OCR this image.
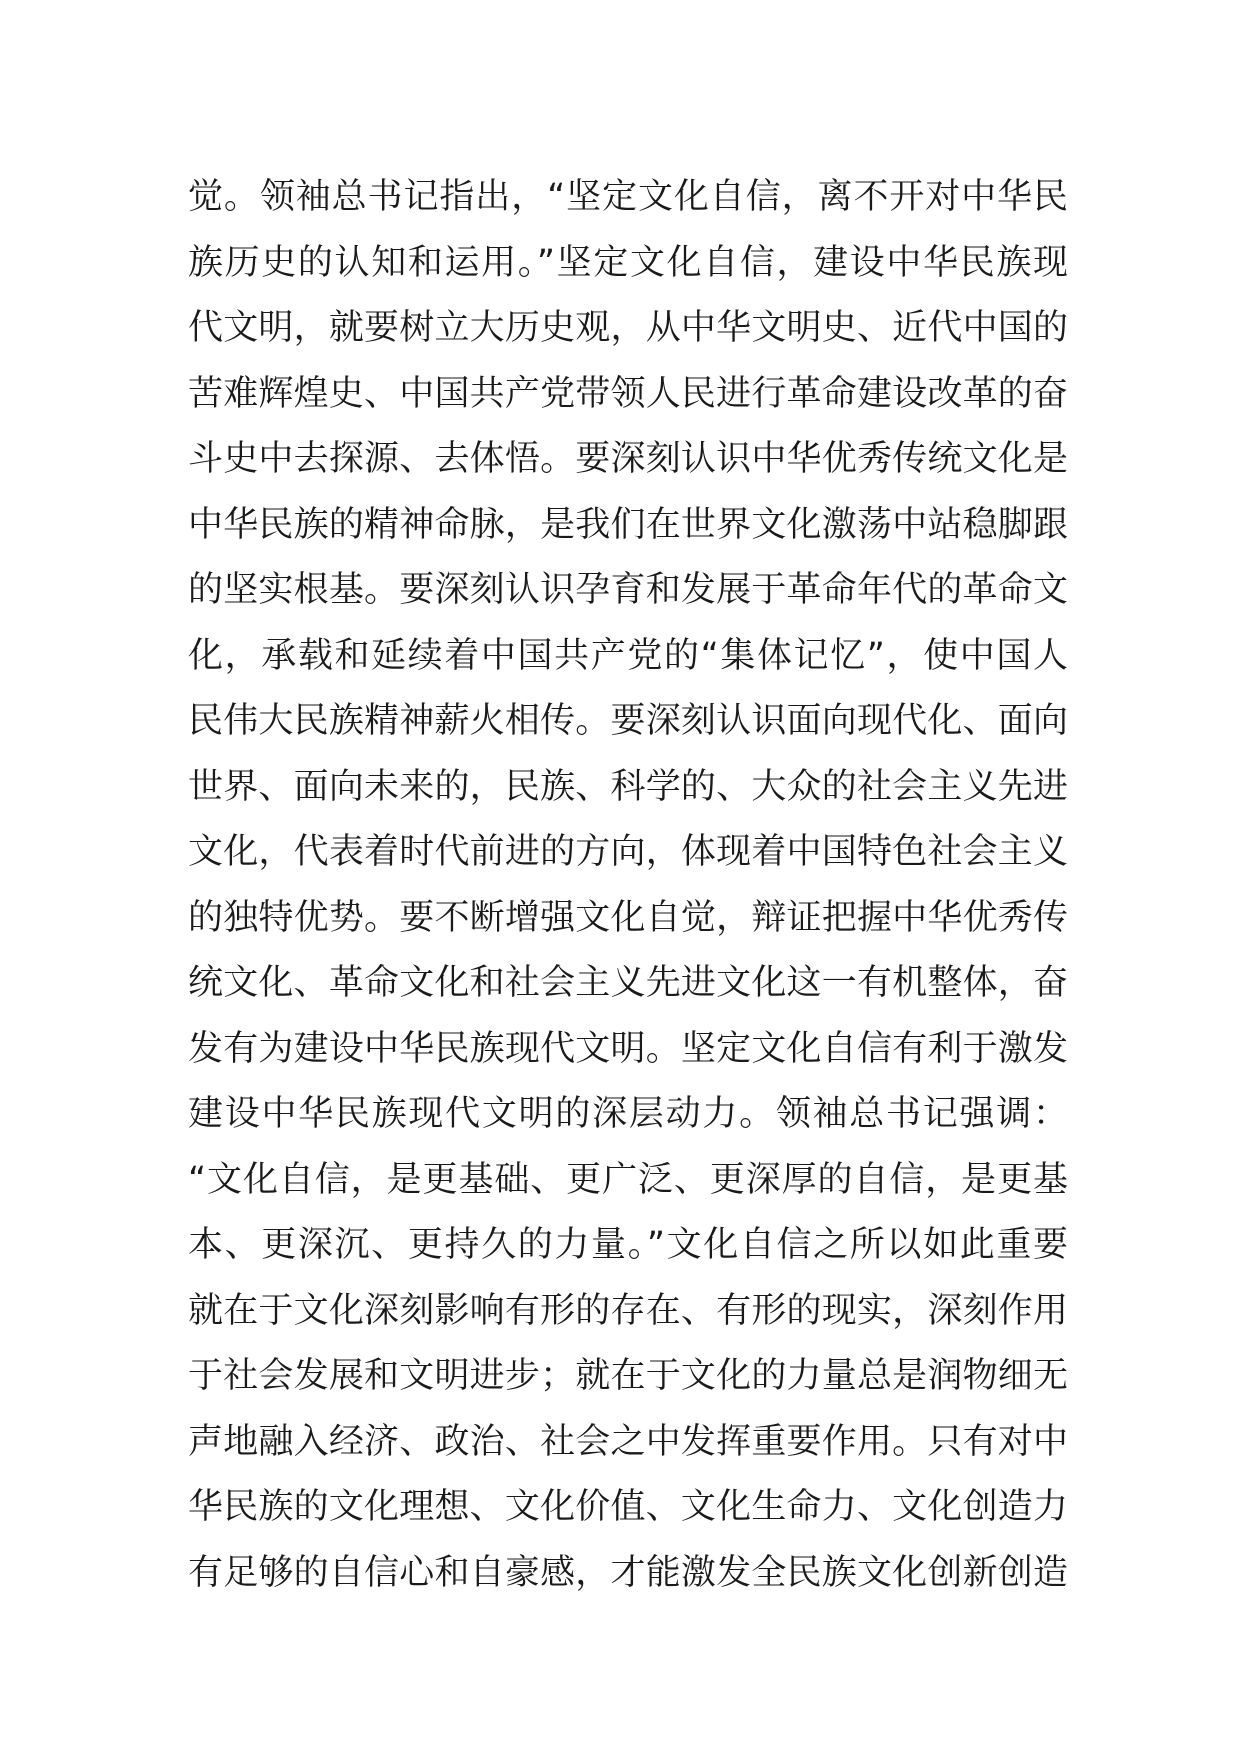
觉。领袖总书记指出，“坚定文化自信，离不开对中华民
族历史的认知和运用。”坚定文化自信，建设中华民族现
代文明，就要树立大历史观，从中华文明史、近代中国的
苦难辉煌史、中国共产党带领人民进行革命建设改革的奋
斗史中去探源、去体悟。要深刻认识中华优秀传统文化是
中华民族的精神命脉，是我们在世界文化激荡中站稳脚跟
的坚实根基。要深刻认识孕育和发展于革命年代的革命文
化，承载和延续着中国共产党的“集体记忆”，使中国人
民伟大民族精神薪火相传。要深刻认识面向现代化、面向
世界、面向未来的，民族、科学的、大众的社会主义先进
文化，代表着时代前进的方向，体现着中国特色社会主义
的独特优势。要不断增强文化自觉，辩证把握中华优秀传
统文化、革命文化和社会主义先进文化这一有机整体，奋
发有为建设中华民族现代文明。坚定文化自信有利于激发
建设中华民族现代文明的深层动力。领袖总书记强调：
“文化自信，是更基础、更广泛、更深厚的自信，是更基
本、更深沉、更持久的力量。”文化自信之所以如此重要
就在于文化深刻影响有形的存在、有形的现实，深刻作用
于社会发展和文明进步；就在于文化的力量总是润物细无
声地融入经济、政治、社会之中发挥重要作用。只有对中
华民族的文化理想、文化价值、文化生命力、文化创造力
有足够的自信心和自豪感，才能激发全民族文化创新创造
